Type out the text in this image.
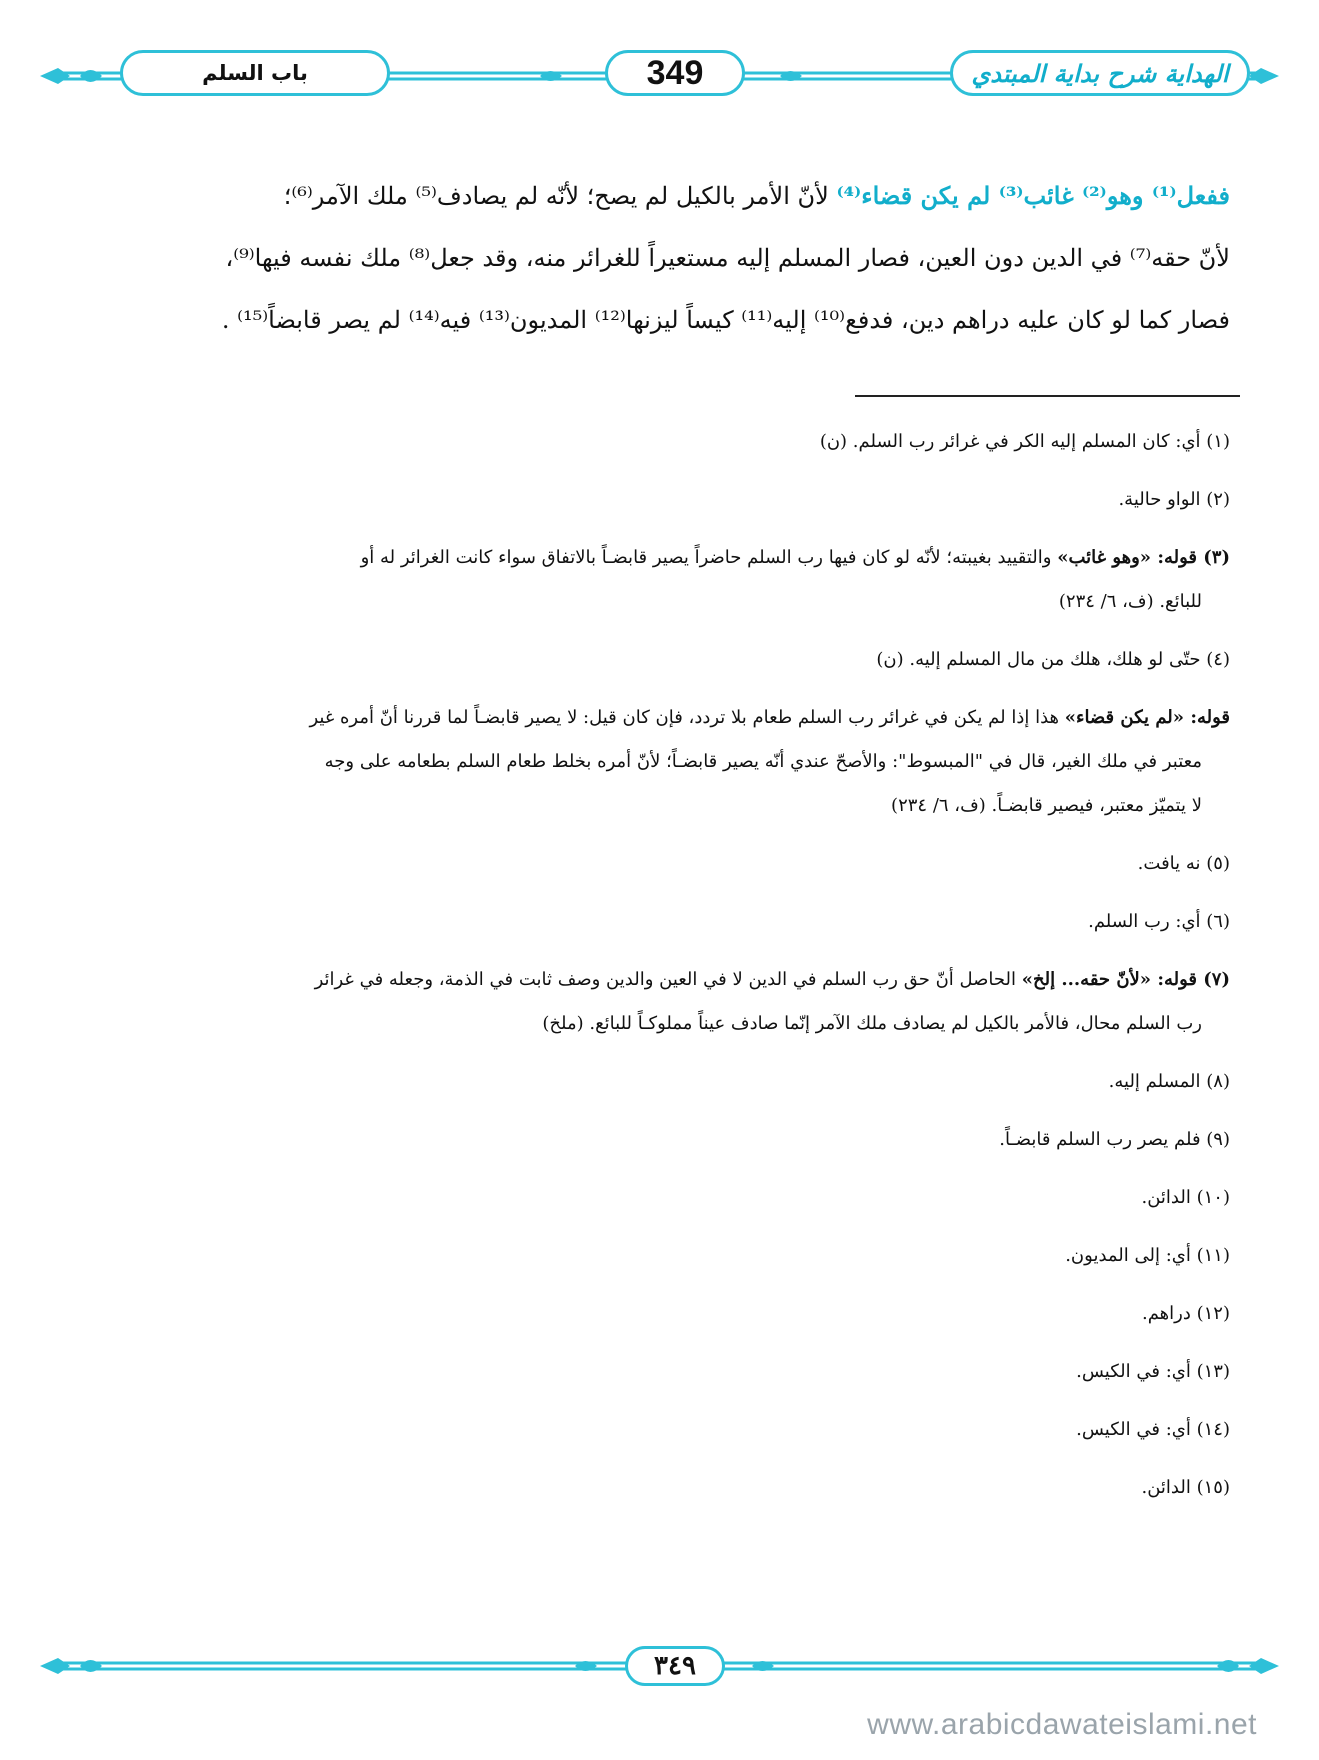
باب السلم	349	الهداية شرح بداية المبتدي

ففعل⁽¹⁾ وهو⁽²⁾ غائب⁽³⁾ لم يكن قضاء⁽⁴⁾ لأنّ الأمر بالكيل لم يصح؛ لأنّه لم يصادف⁽⁵⁾ ملك الآمر⁽⁶⁾؛

لأنّ حقه⁽⁷⁾ في الدين دون العين، فصار المسلم إليه مستعيراً للغرائر منه، وقد جعل⁽⁸⁾ ملك نفسه فيها⁽⁹⁾،

فصار كما لو كان عليه دراهم دين، فدفع⁽¹⁰⁾ إليه⁽¹¹⁾ كيساً ليزنها⁽¹²⁾ المديون⁽¹³⁾ فيه⁽¹⁴⁾ لم يصر قابضاً⁽¹⁵⁾ .

(١) أي: كان المسلم إليه الكر في غرائر رب السلم. (ن)

(٢) الواو حالية.

(٣) قوله: «وهو غائب» والتقييد بغيبته؛ لأنّه لو كان فيها رب السلم حاضراً يصير قابضـاً بالاتفاق سواء كانت الغرائر له أو
للبائع. (ف، ٦/ ٢٣٤)

(٤) حتّى لو هلك، هلك من مال المسلم إليه. (ن)

قوله: «لم يكن قضاء» هذا إذا لم يكن في غرائر رب السلم طعام بلا تردد، فإن كان قيل: لا يصير قابضـاً لما قررنا أنّ أمره غير
معتبر في ملك الغير، قال في "المبسوط": والأصحّ عندي أنّه يصير قابضـاً؛ لأنّ أمره بخلط طعام السلم بطعامه على وجه
لا يتميّز معتبر، فيصير قابضـاً. (ف، ٦/ ٢٣٤)

(٥) نه يافت.

(٦) أي: رب السلم.

(٧) قوله: «لأنّ حقه... إلخ» الحاصل أنّ حق رب السلم في الدين لا في العين والدين وصف ثابت في الذمة، وجعله في غرائر
رب السلم محال، فالأمر بالكيل لم يصادف ملك الآمر إنّما صادف عيناً مملوكـاً للبائع. (ملخ)

(٨) المسلم إليه.

(٩) فلم يصر رب السلم قابضـاً.

(١٠) الدائن.

(١١) أي: إلى المديون.

(١٢) دراهم.

(١٣) أي: في الكيس.

(١٤) أي: في الكيس.

(١٥) الدائن.

٣٤٩
www.arabicdawateislami.net
